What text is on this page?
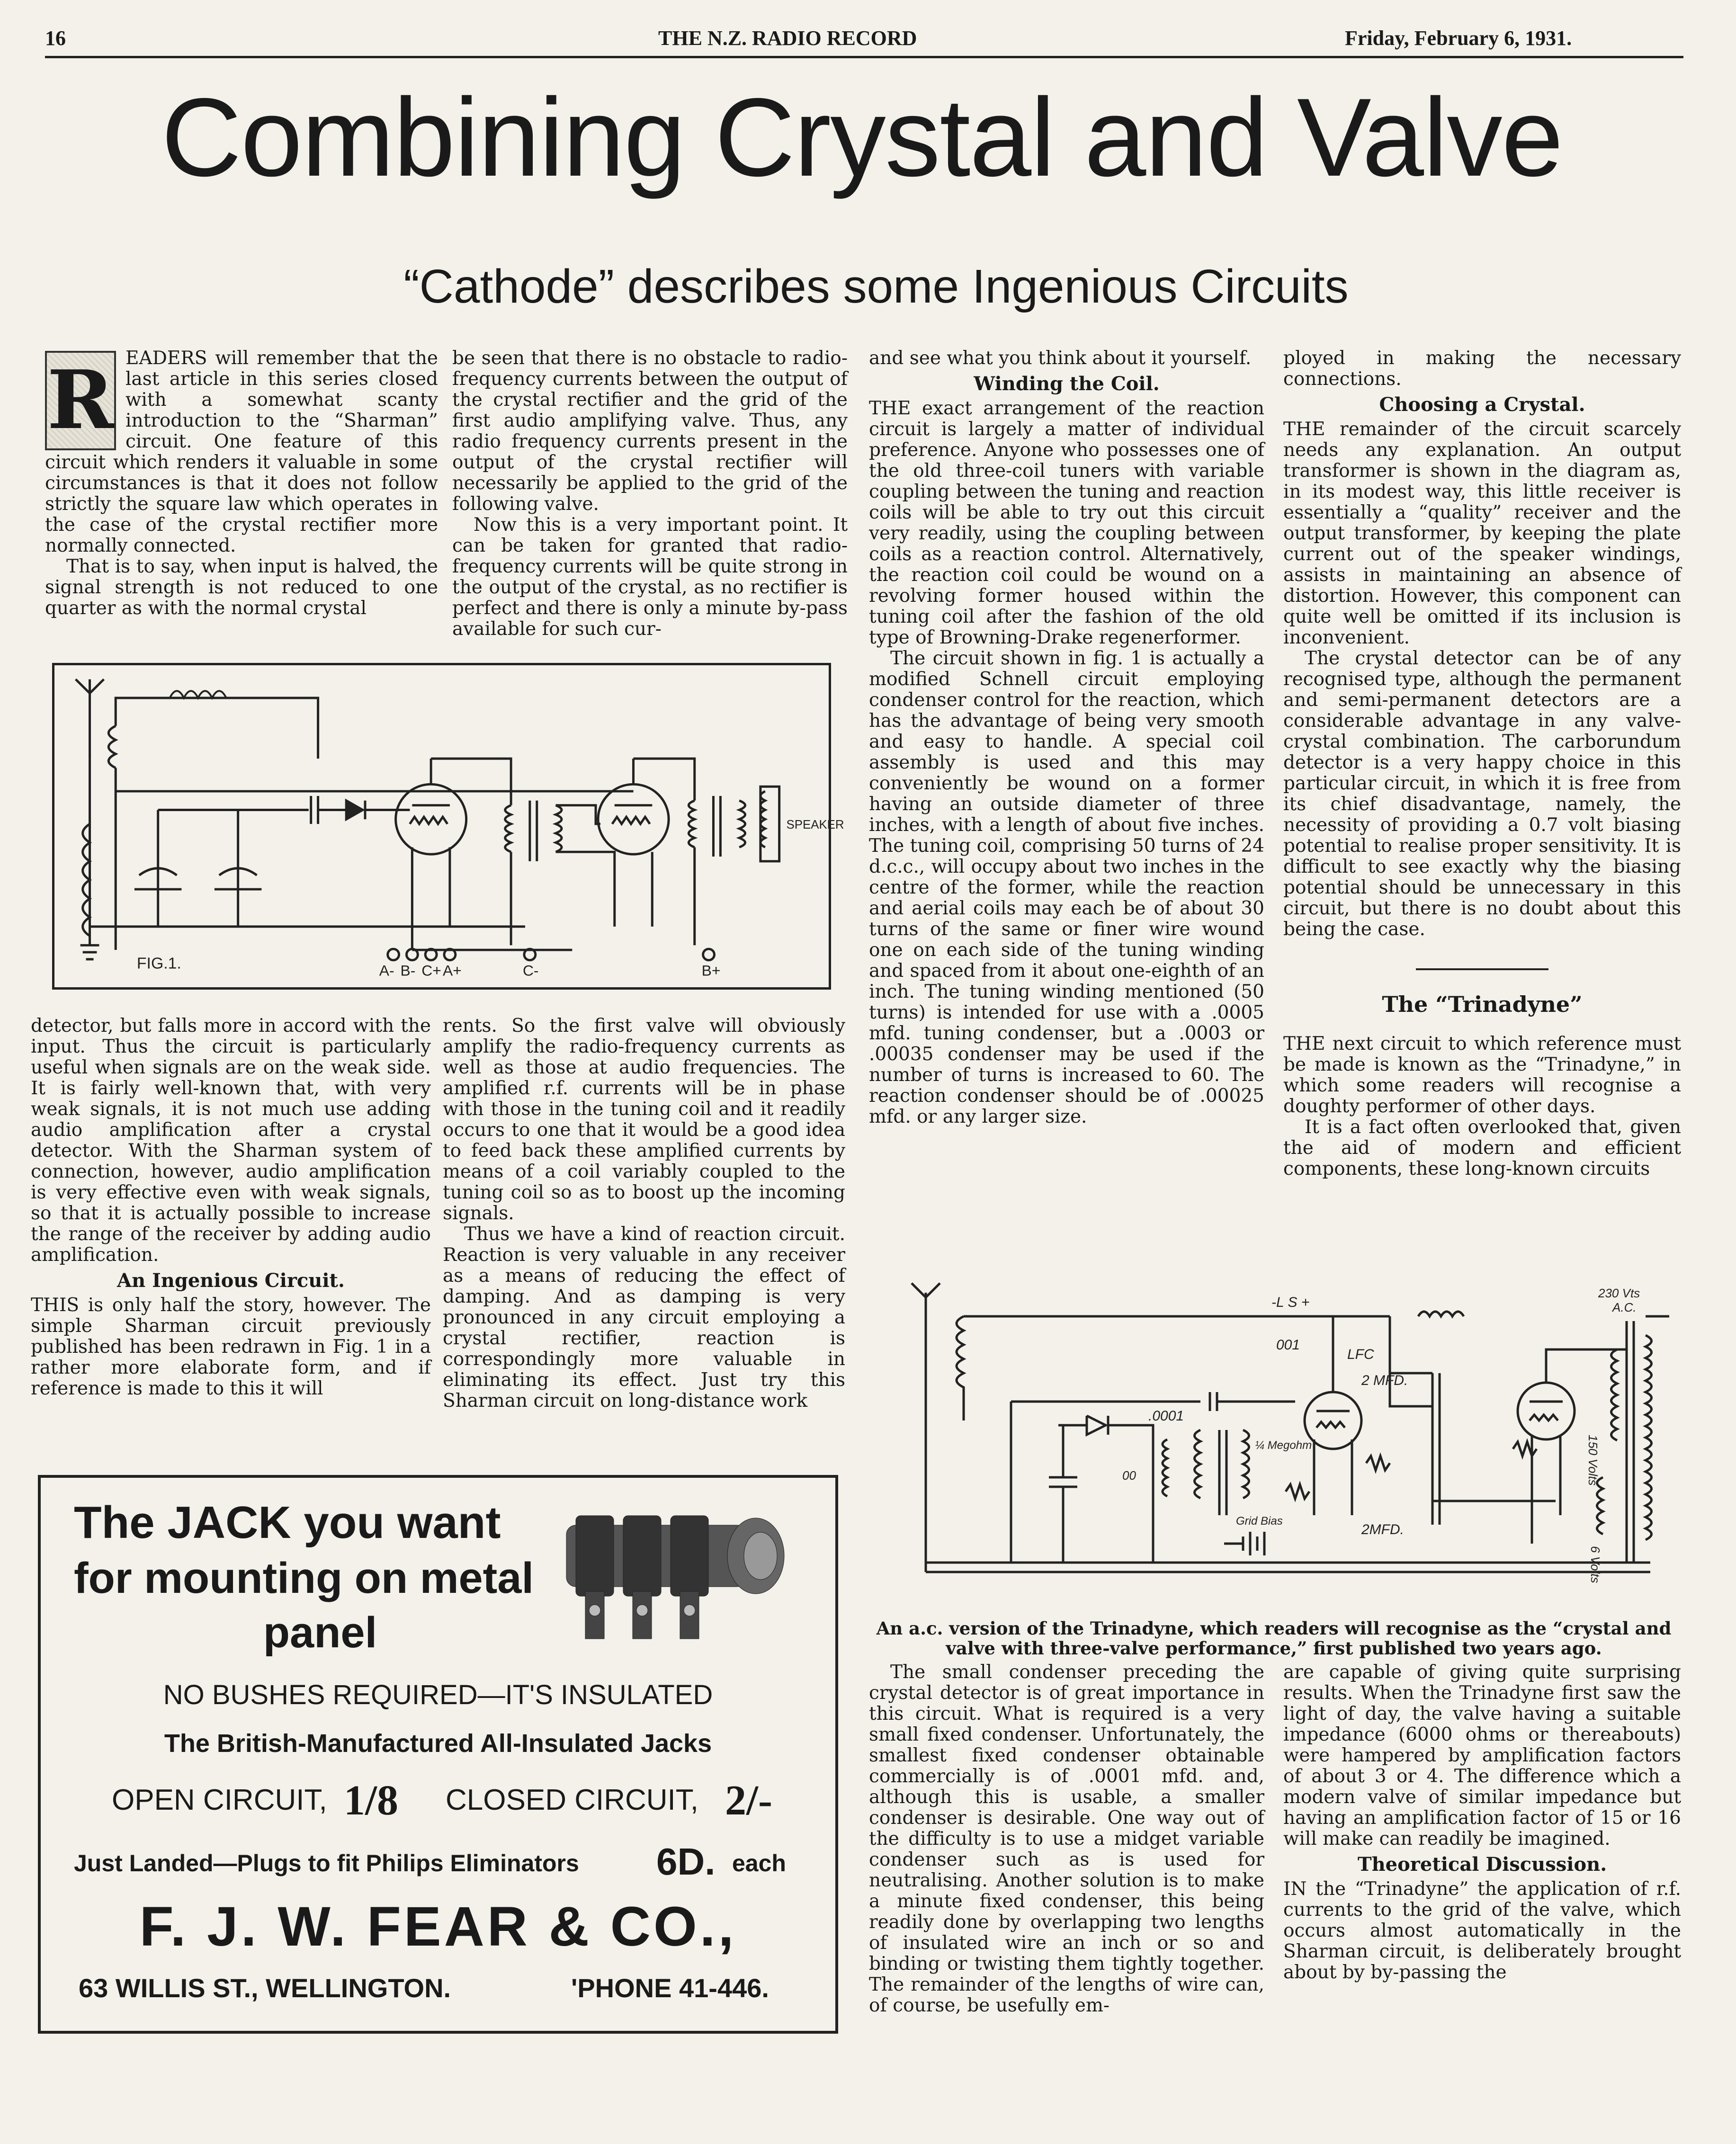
16	THE N.Z. RADIO RECORD	Friday, February 6, 1931.
Combining Crystal and Valve
“Cathode” describes some Ingenious Circuits
R EADERS will remember that the last article in this series closed with a somewhat scanty introduction to the “Sharman” circuit. One feature of this circuit which renders it valuable in some circumstances is that it does not follow strictly the square law which operates in the case of the crystal rectifier more normally connected.

That is to say, when input is halved, the signal strength is not reduced to one quarter as with the normal crystal

be seen that there is no obstacle to radio-frequency currents between the output of the crystal rectifier and the grid of the first audio amplifying valve. Thus, any radio frequency currents present in the output of the crystal rectifier will necessarily be applied to the grid of the following valve.

Now this is a very important point. It can be taken for granted that radio-frequency currents will be quite strong in the output of the crystal, as no rectifier is perfect and there is only a minute by-pass available for such cur-

FIG.1.
SPEAKER
A- B- C+ A+	C-	B+

and see what you think about it yourself.

Winding the Coil.

THE exact arrangement of the reaction circuit is largely a matter of individual preference. Anyone who possesses one of the old three-coil tuners with variable coupling between the tuning and reaction coils will be able to try out this circuit very readily, using the coupling between coils as a reaction control. Alternatively, the reaction coil could be wound on a revolving former housed within the tuning coil after the fashion of the old type of Browning-Drake regenerformer.

The circuit shown in fig. 1 is actually a modified Schnell circuit employing condenser control for the reaction, which has the advantage of being very smooth and easy to handle. A special coil assembly is used and this may conveniently be wound on a former having an outside diameter of three inches, with a length of about five inches. The tuning coil, comprising 50 turns of 24 d.c.c., will occupy about two inches in the centre of the former, while the reaction and aerial coils may each be of about 30 turns of the same or finer wire wound one on each side of the tuning winding and spaced from it about one-eighth of an inch. The tuning winding mentioned (50 turns) is intended for use with a .0005 mfd. tuning condenser, but a .0003 or .00035 condenser may be used if the number of turns is increased to 60. The reaction condenser should be of .00025 mfd. or any larger size.

ployed in making the necessary connections.

Choosing a Crystal.

THE remainder of the circuit scarcely needs any explanation. An output transformer is shown in the diagram as, in its modest way, this little receiver is essentially a “quality” receiver and the output transformer, by keeping the plate current out of the speaker windings, assists in maintaining an absence of distortion. However, this component can quite well be omitted if its inclusion is inconvenient.

The crystal detector can be of any recognised type, although the permanent and semi-permanent detectors are a considerable advantage in any valve-crystal combination. The carborundum detector is a very happy choice in this particular circuit, in which it is free from its chief disadvantage, namely, the necessity of providing a 0.7 volt biasing potential to realise proper sensitivity. It is difficult to see exactly why the biasing potential should be unnecessary in this circuit, but there is no doubt about this being the case.

The “Trinadyne”

THE next circuit to which reference must be made is known as the “Trinadyne,” in which some readers will recognise a doughty performer of other days.

It is a fact often overlooked that, given the aid of modern and efficient components, these long-known circuits

detector, but falls more in accord with the input. Thus the circuit is particularly useful when signals are on the weak side. It is fairly well-known that, with very weak signals, it is not much use adding audio amplification after a crystal detector. With the Sharman system of connection, however, audio amplification is very effective even with weak signals, so that it is actually possible to increase the range of the receiver by adding audio amplification.

An Ingenious Circuit.

THIS is only half the story, however. The simple Sharman circuit previously published has been redrawn in Fig. 1 in a rather more elaborate form, and if reference is made to this it will

rents. So the first valve will obviously amplify the radio-frequency currents as well as those at audio frequencies. The amplified r.f. currents will be in phase with those in the tuning coil and it readily occurs to one that it would be a good idea to feed back these amplified currents by means of a coil variably coupled to the tuning coil so as to boost up the incoming signals.

Thus we have a kind of reaction circuit. Reaction is very valuable in any receiver as a means of reducing the effect of damping. And as damping is very pronounced in any circuit employing a crystal rectifier, reaction is correspondingly more valuable in eliminating its effect. Just try this Sharman circuit on long-distance work

-L S +
001
LFC
2 MFD.
.0001
¼ Megohm
Grid Bias
2MFD.
00
230 Vts
A.C.
150 Volts
6 Volts
An a.c. version of the Trinadyne, which readers will recognise as the “crystal and valve with three-valve performance,” first published two years ago.

The small condenser preceding the crystal detector is of great importance in this circuit. What is required is a very small fixed condenser. Unfortunately, the smallest fixed condenser obtainable commercially is of .0001 mfd. and, although this is usable, a smaller condenser is desirable. One way out of the difficulty is to use a midget variable condenser such as is used for neutralising. Another solution is to make a minute fixed condenser, this being readily done by overlapping two lengths of insulated wire an inch or so and binding or twisting them tightly together. The remainder of the lengths of wire can, of course, be usefully em-

are capable of giving quite surprising results. When the Trinadyne first saw the light of day, the valve having a suitable impedance (6000 ohms or thereabouts) were hampered by amplification factors of about 3 or 4. The difference which a modern valve of similar impedance but having an amplification factor of 15 or 16 will make can readily be imagined.

Theoretical Discussion.

IN the “Trinadyne” the application of r.f. currents to the grid of the valve, which occurs almost automatically in the Sharman circuit, is deliberately brought about by by-passing the

The JACK you want
for mounting on metal
panel
NO BUSHES REQUIRED—IT'S INSULATED
The British-Manufactured All-Insulated Jacks
OPEN CIRCUIT, 1/8 CLOSED CIRCUIT, 2/-
Just Landed—Plugs to fit Philips Eliminators 6D. each
F. J. W. FEAR & CO.,
63 WILLIS ST., WELLINGTON.	'PHONE 41-446.
